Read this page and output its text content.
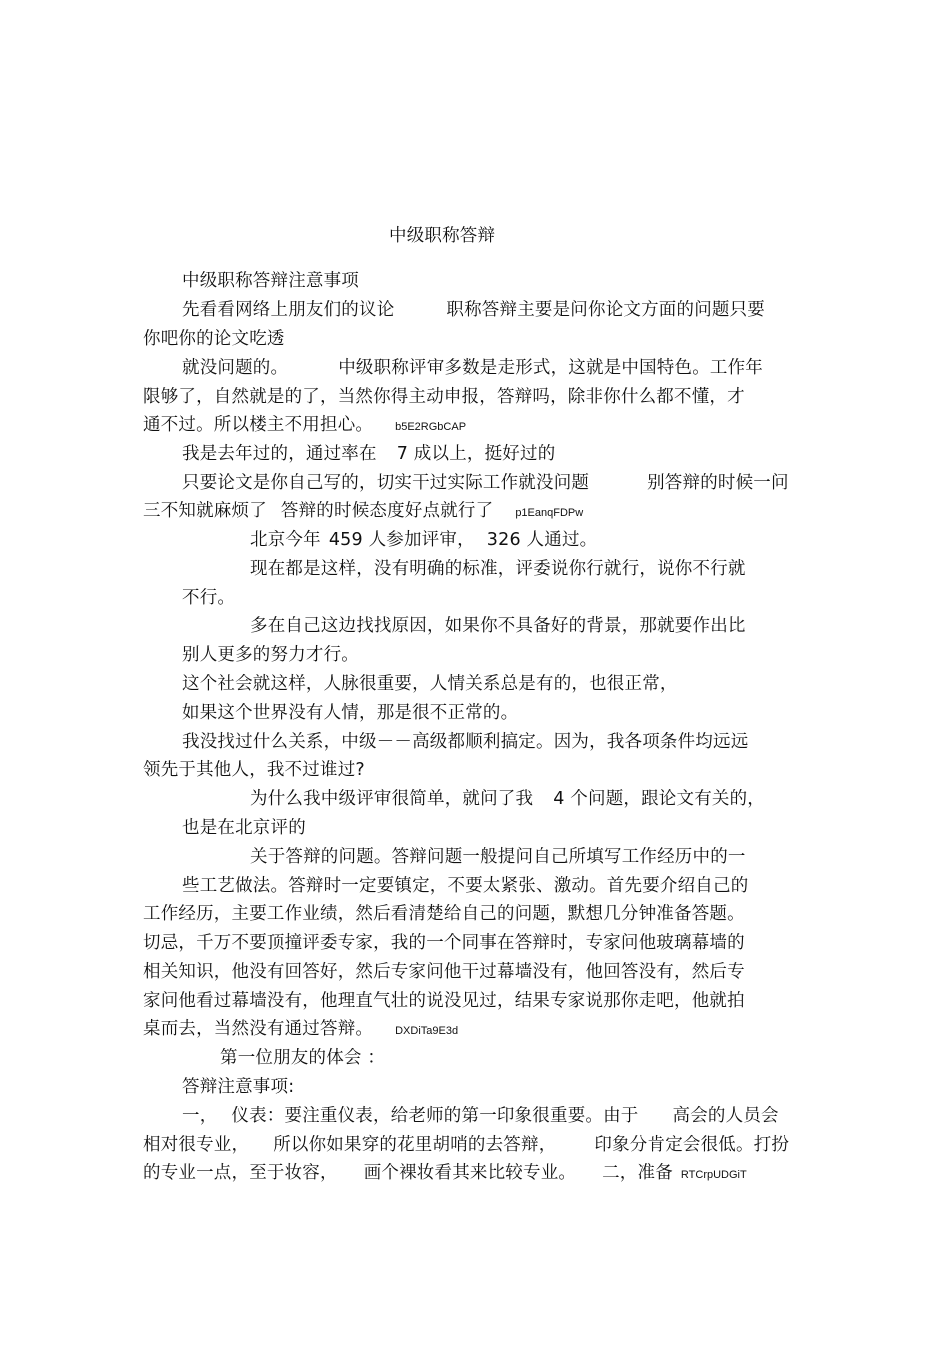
中级职称答辩
中级职称答辩注意事项
先看看网络上朋友们的议论	职称答辩主要是问你论文方面的问题只要
你吧你的论文吃透
就没问题的。	中级职称评审多数是走形式，这就是中国特色。工作年
限够了，自然就是的了，当然你得主动申报，答辩吗，除非你什么都不懂，才
通不过。所以楼主不用担心。 b5E2RGbCAP
我是去年过的，通过率在 7 成以上，挺好过的
只要论文是你自己写的，切实干过实际工作就没问题	别答辩的时候一问
三不知就麻烦了 答辩的时候态度好点就行了 p1EanqFDPw
北京今年 459 人参加评审， 326 人通过。
现在都是这样，没有明确的标准，评委说你行就行，说你不行就
不行。
多在自己这边找找原因，如果你不具备好的背景，那就要作出比
别人更多的努力才行。
这个社会就这样，人脉很重要，人情关系总是有的，也很正常，
如果这个世界没有人情，那是很不正常的。
我没找过什么关系，中级－－高级都顺利搞定。因为，我各项条件均远远
领先于其他人，我不过谁过?
为什么我中级评审很简单，就问了我 4 个问题，跟论文有关的，
也是在北京评的
关于答辩的问题。答辩问题一般提问自己所填写工作经历中的一
些工艺做法。答辩时一定要镇定，不要太紧张、激动。首先要介绍自己的
工作经历，主要工作业绩，然后看清楚给自己的问题，默想几分钟准备答题。
切忌，千万不要顶撞评委专家，我的一个同事在答辩时，专家问他玻璃幕墙的
相关知识，他没有回答好，然后专家问他干过幕墙没有，他回答没有，然后专
家问他看过幕墙没有，他理直气壮的说没见过，结果专家说那你走吧，他就拍
桌而去，当然没有通过答辩。 DXDiTa9E3d
第一位朋友的体会 ：
答辩注意事项:
一， 仪表：要注重仪表，给老师的第一印象很重要。由于 高会的人员会
相对很专业， 所以你如果穿的花里胡哨的去答辩， 印象分肯定会很低。打扮
的专业一点，至于妆容， 画个裸妆看其来比较专业。 二，准备 RTCrpUDGiT
